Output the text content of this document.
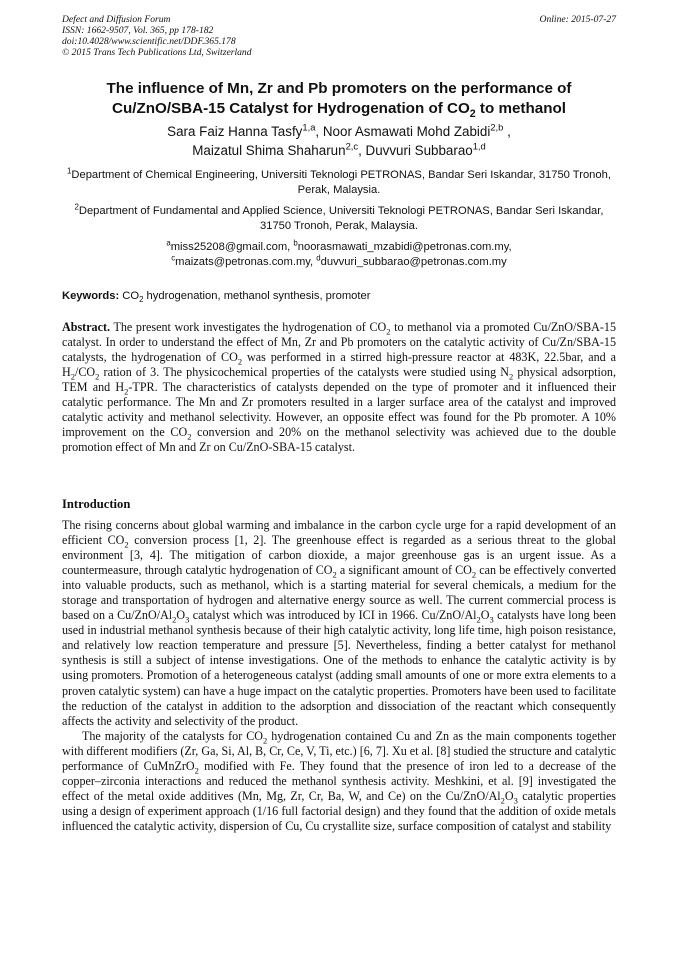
Defect and Diffusion Forum
ISSN: 1662-9507, Vol. 365, pp 178-182
doi:10.4028/www.scientific.net/DDF.365.178
© 2015 Trans Tech Publications Ltd, Switzerland
Online: 2015-07-27
The influence of Mn, Zr and Pb promoters on the performance of
Cu/ZnO/SBA-15 Catalyst for Hydrogenation of $CO_2$ to methanol
Sara Faiz Hanna Tasfy$^{1,a}$, Noor Asmawati Mohd Zabidi$^{2,b}$ ,
Maizatul Shima Shaharun$^{2,c}$, Duvvuri Subbarao$^{1,d}$
$^1$Department of Chemical Engineering, Universiti Teknologi PETRONAS, Bandar Seri Iskandar, 31750 Tronoh, Perak, Malaysia.
$^2$Department of Fundamental and Applied Science, Universiti Teknologi PETRONAS, Bandar Seri Iskandar, 31750 Tronoh, Perak, Malaysia.
$^a$miss25208@gmail.com, $^b$noorasmawati_mzabidi@petronas.com.my,
$^c$maizats@petronas.com.my, $^d$duvvuri_subbarao@petronas.com.my
Keywords: $CO_2$ hydrogenation, methanol synthesis, promoter
Abstract. The present work investigates the hydrogenation of $CO_2$ to methanol via a promoted Cu/ZnO/SBA-15 catalyst. In order to understand the effect of Mn, Zr and Pb promoters on the catalytic activity of Cu/Zn/SBA-15 catalysts, the hydrogenation of $CO_2$ was performed in a stirred high-pressure reactor at 483K, 22.5bar, and a $H_2/CO_2$ ration of 3. The physicochemical properties of the catalysts were studied using $N_2$ physical adsorption, TEM and $H_2$-TPR. The characteristics of catalysts depended on the type of promoter and it influenced their catalytic performance. The Mn and Zr promoters resulted in a larger surface area of the catalyst and improved catalytic activity and methanol selectivity. However, an opposite effect was found for the Pb promoter. A 10% improvement on the $CO_2$ conversion and 20% on the methanol selectivity was achieved due to the double promotion effect of Mn and Zr on Cu/ZnO-SBA-15 catalyst.
Introduction

The rising concerns about global warming and imbalance in the carbon cycle urge for a rapid development of an efficient $CO_2$ conversion process [1, 2]. The greenhouse effect is regarded as a serious threat to the global environment [3, 4]. The mitigation of carbon dioxide, a major greenhouse gas is an urgent issue. As a countermeasure, through catalytic hydrogenation of $CO_2$ a significant amount of $CO_2$ can be effectively converted into valuable products, such as methanol, which is a starting material for several chemicals, a medium for the storage and transportation of hydrogen and alternative energy source as well. The current commercial process is based on a $Cu/ZnO/Al_2O_3$ catalyst which was introduced by ICI in 1966. $Cu/ZnO/Al_2O_3$ catalysts have long been used in industrial methanol synthesis because of their high catalytic activity, long life time, high poison resistance, and relatively low reaction temperature and pressure [5]. Nevertheless, finding a better catalyst for methanol synthesis is still a subject of intense investigations. One of the methods to enhance the catalytic activity is by using promoters. Promotion of a heterogeneous catalyst (adding small amounts of one or more extra elements to a proven catalytic system) can have a huge impact on the catalytic properties. Promoters have been used to facilitate the reduction of the catalyst in addition to the adsorption and dissociation of the reactant which consequently affects the activity and selectivity of the product.

The majority of the catalysts for $CO_2$ hydrogenation contained Cu and Zn as the main components together with different modifiers (Zr, Ga, Si, Al, B, Cr, Ce, V, Ti, etc.) [6, 7]. Xu et al. [8] studied the structure and catalytic performance of CuMnZrO$_2$ modified with Fe. They found that the presence of iron led to a decrease of the copper–zirconia interactions and reduced the methanol synthesis activity. Meshkini, et al. [9] investigated the effect of the metal oxide additives (Mn, Mg, Zr, Cr, Ba, W, and Ce) on the $Cu/ZnO/Al_2O_3$ catalytic properties using a design of experiment approach (1/16 full factorial design) and they found that the addition of oxide metals influenced the catalytic activity, dispersion of Cu, Cu crystallite size, surface composition of catalyst and stability
